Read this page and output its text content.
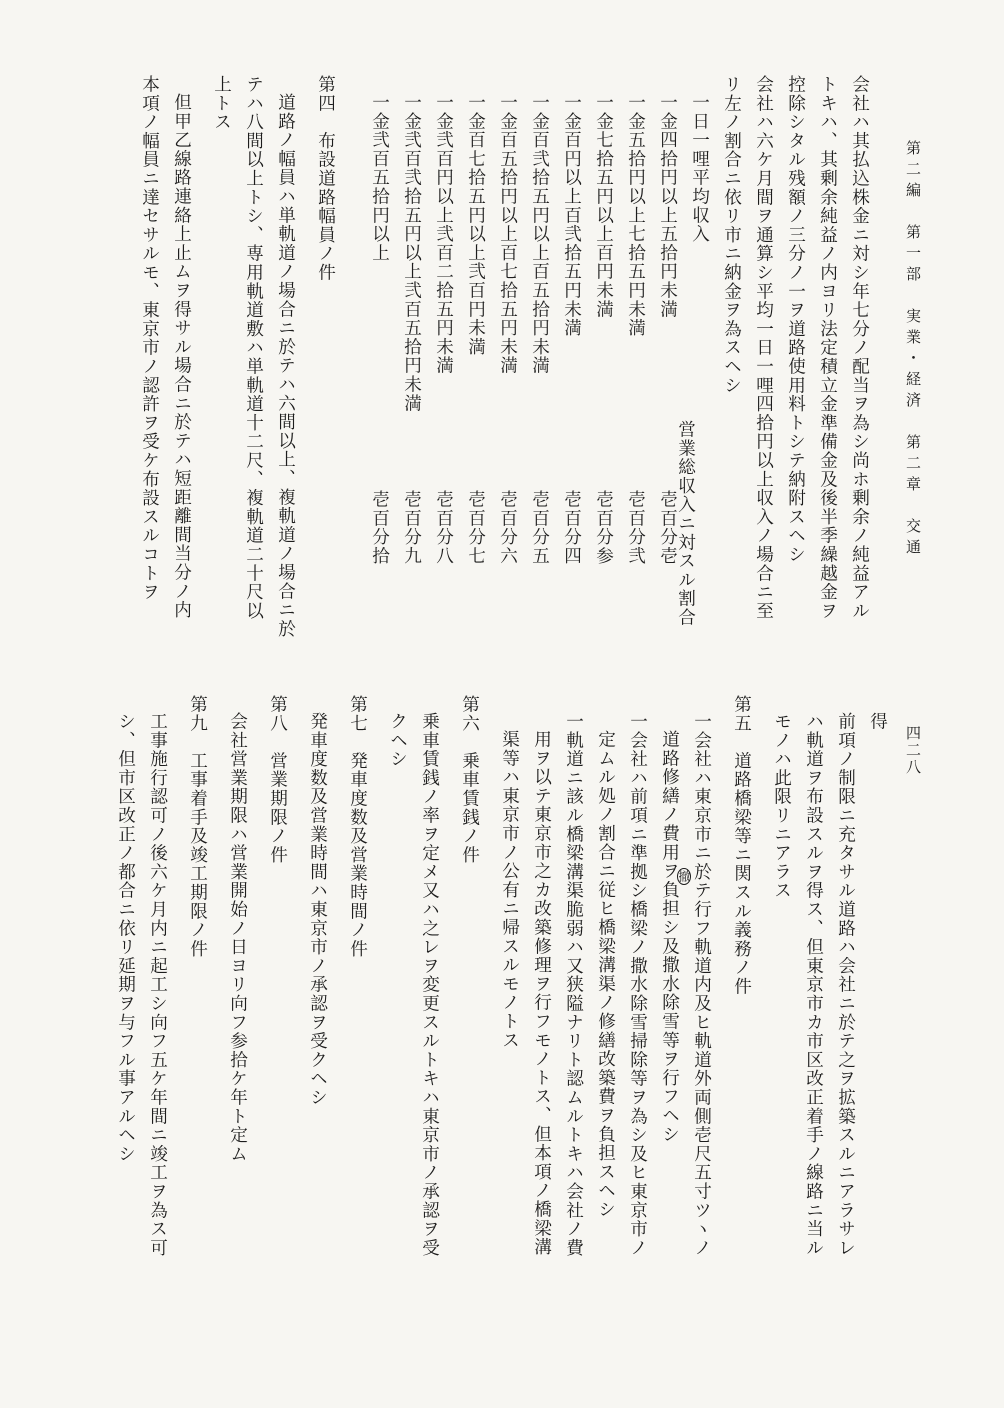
第二編　第一部　実業・経済　第二章　交通
四二八
会社ハ其払込株金ニ対シ年七分ノ配当ヲ為シ尚ホ剰余ノ純益アル
トキハ、其剰余純益ノ内ヨリ法定積立金準備金及後半季繰越金ヲ
控除シタル残額ノ三分ノ一ヲ道路使用料トシテ納附スヘシ
会社ハ六ケ月間ヲ通算シ平均一日一哩四拾円以上収入ノ場合ニ至
リ左ノ割合ニ依リ市ニ納金ヲ為スヘシ
一日一哩平均収入
営業総収入ニ対スル割合
一金四拾円以上五拾円未満
壱百分壱
一金五拾円以上七拾五円未満
壱百分弐
一金七拾五円以上百円未満
壱百分参
一金百円以上百弐拾五円未満
壱百分四
一金百弐拾五円以上百五拾円未満
壱百分五
一金百五拾円以上百七拾五円未満
壱百分六
一金百七拾五円以上弐百円未満
壱百分七
一金弐百円以上弐百二拾五円未満
壱百分八
一金弐百弐拾五円以上弐百五拾円未満
壱百分九
一金弐百五拾円以上
壱百分拾
第四　布設道路幅員ノ件
道路ノ幅員ハ単軌道ノ場合ニ於テハ六間以上、複軌道ノ場合ニ於
テハ八間以上トシ、専用軌道敷ハ単軌道十二尺、複軌道二十尺以
上トス
但甲乙線路連絡上止ムヲ得サル場合ニ於テハ短距離間当分ノ内
本項ノ幅員ニ達セサルモ、東京市ノ認許ヲ受ケ布設スルコトヲ
得
前項ノ制限ニ充タサル道路ハ会社ニ於テ之ヲ拡築スルニアラサレ
ハ軌道ヲ布設スルヲ得ス、但東京市カ市区改正着手ノ線路ニ当ル
モノハ此限リニアラス
第五　道路橋梁等ニ関スル義務ノ件
一会社ハ東京市ニ於テ行フ軌道内及ヒ軌道外両側壱尺五寸ツヽノ
道路修繕ノ費用ヲ負担シ及撒水除雪等ヲ行フヘシ
撤
一会社ハ前項ニ準拠シ橋梁ノ撒水除雪掃除等ヲ為シ及ヒ東京市ノ
定ムル処ノ割合ニ従ヒ橋梁溝渠ノ修繕改築費ヲ負担スヘシ
一軌道ニ該ル橋梁溝渠脆弱ハ又狭隘ナリト認ムルトキハ会社ノ費
用ヲ以テ東京市之カ改築修理ヲ行フモノトス、但本項ノ橋梁溝
渠等ハ東京市ノ公有ニ帰スルモノトス
第六　乗車賃銭ノ件
乗車賃銭ノ率ヲ定メ又ハ之レヲ変更スルトキハ東京市ノ承認ヲ受
クヘシ
第七　発車度数及営業時間ノ件
発車度数及営業時間ハ東京市ノ承認ヲ受クヘシ
第八　営業期限ノ件
会社営業期限ハ営業開始ノ日ヨリ向フ参拾ケ年ト定ム
第九　工事着手及竣工期限ノ件
工事施行認可ノ後六ケ月内ニ起工シ向フ五ケ年間ニ竣工ヲ為ス可
シ、但市区改正ノ都合ニ依リ延期ヲ与フル事アルヘシ
